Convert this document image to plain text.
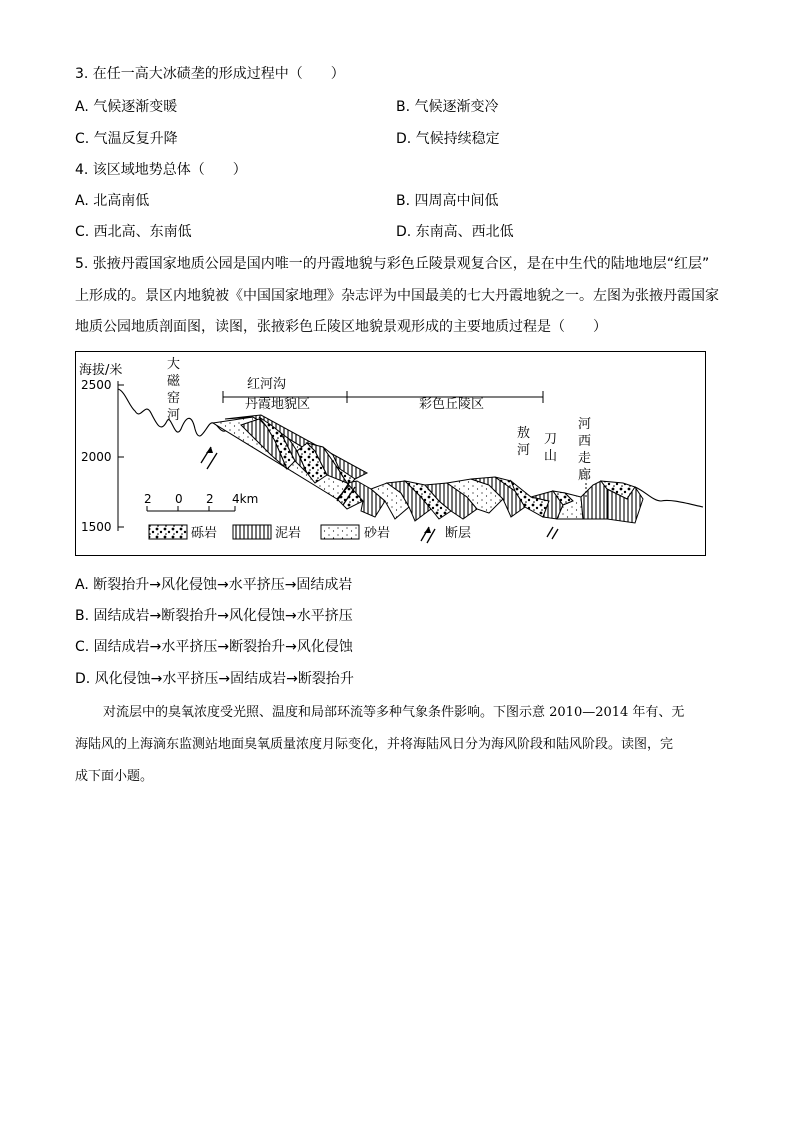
3. 在任一高大冰碛垄的形成过程中（　　）
A. 气候逐渐变暖	B. 气候逐渐变冷
C. 气温反复升降	D. 气候持续稳定
4. 该区域地势总体（　　）
A. 北高南低	B. 四周高中间低
C. 西北高、东南低	D. 东南高、西北低
5. 张掖丹霞国家地质公园是国内唯一的丹霞地貌与彩色丘陵景观复合区，是在中生代的陆地地层“红层”
上形成的。景区内地貌被《中国国家地理》杂志评为中国最美的七大丹霞地貌之一。左图为张掖丹霞国家
地质公园地质剖面图，读图，张掖彩色丘陵区地貌景观形成的主要地质过程是（　　）
海拔/米
2500
2000
1500
大
磁
窑
河
红河沟
丹霞地貌区	彩色丘陵区
敖
河
刀
山
河
西
走
廊
2 0 2 4km
砾岩	泥岩	砂岩	断层
A. 断裂抬升→风化侵蚀→水平挤压→固结成岩
B. 固结成岩→断裂抬升→风化侵蚀→水平挤压
C. 固结成岩→水平挤压→断裂抬升→风化侵蚀
D. 风化侵蚀→水平挤压→固结成岩→断裂抬升
对流层中的臭氧浓度受光照、温度和局部环流等多种气象条件影响。下图示意 2010—2014 年有、无
海陆风的上海滴东监测站地面臭氧质量浓度月际变化，并将海陆风日分为海风阶段和陆风阶段。读图，完
成下面小题。
